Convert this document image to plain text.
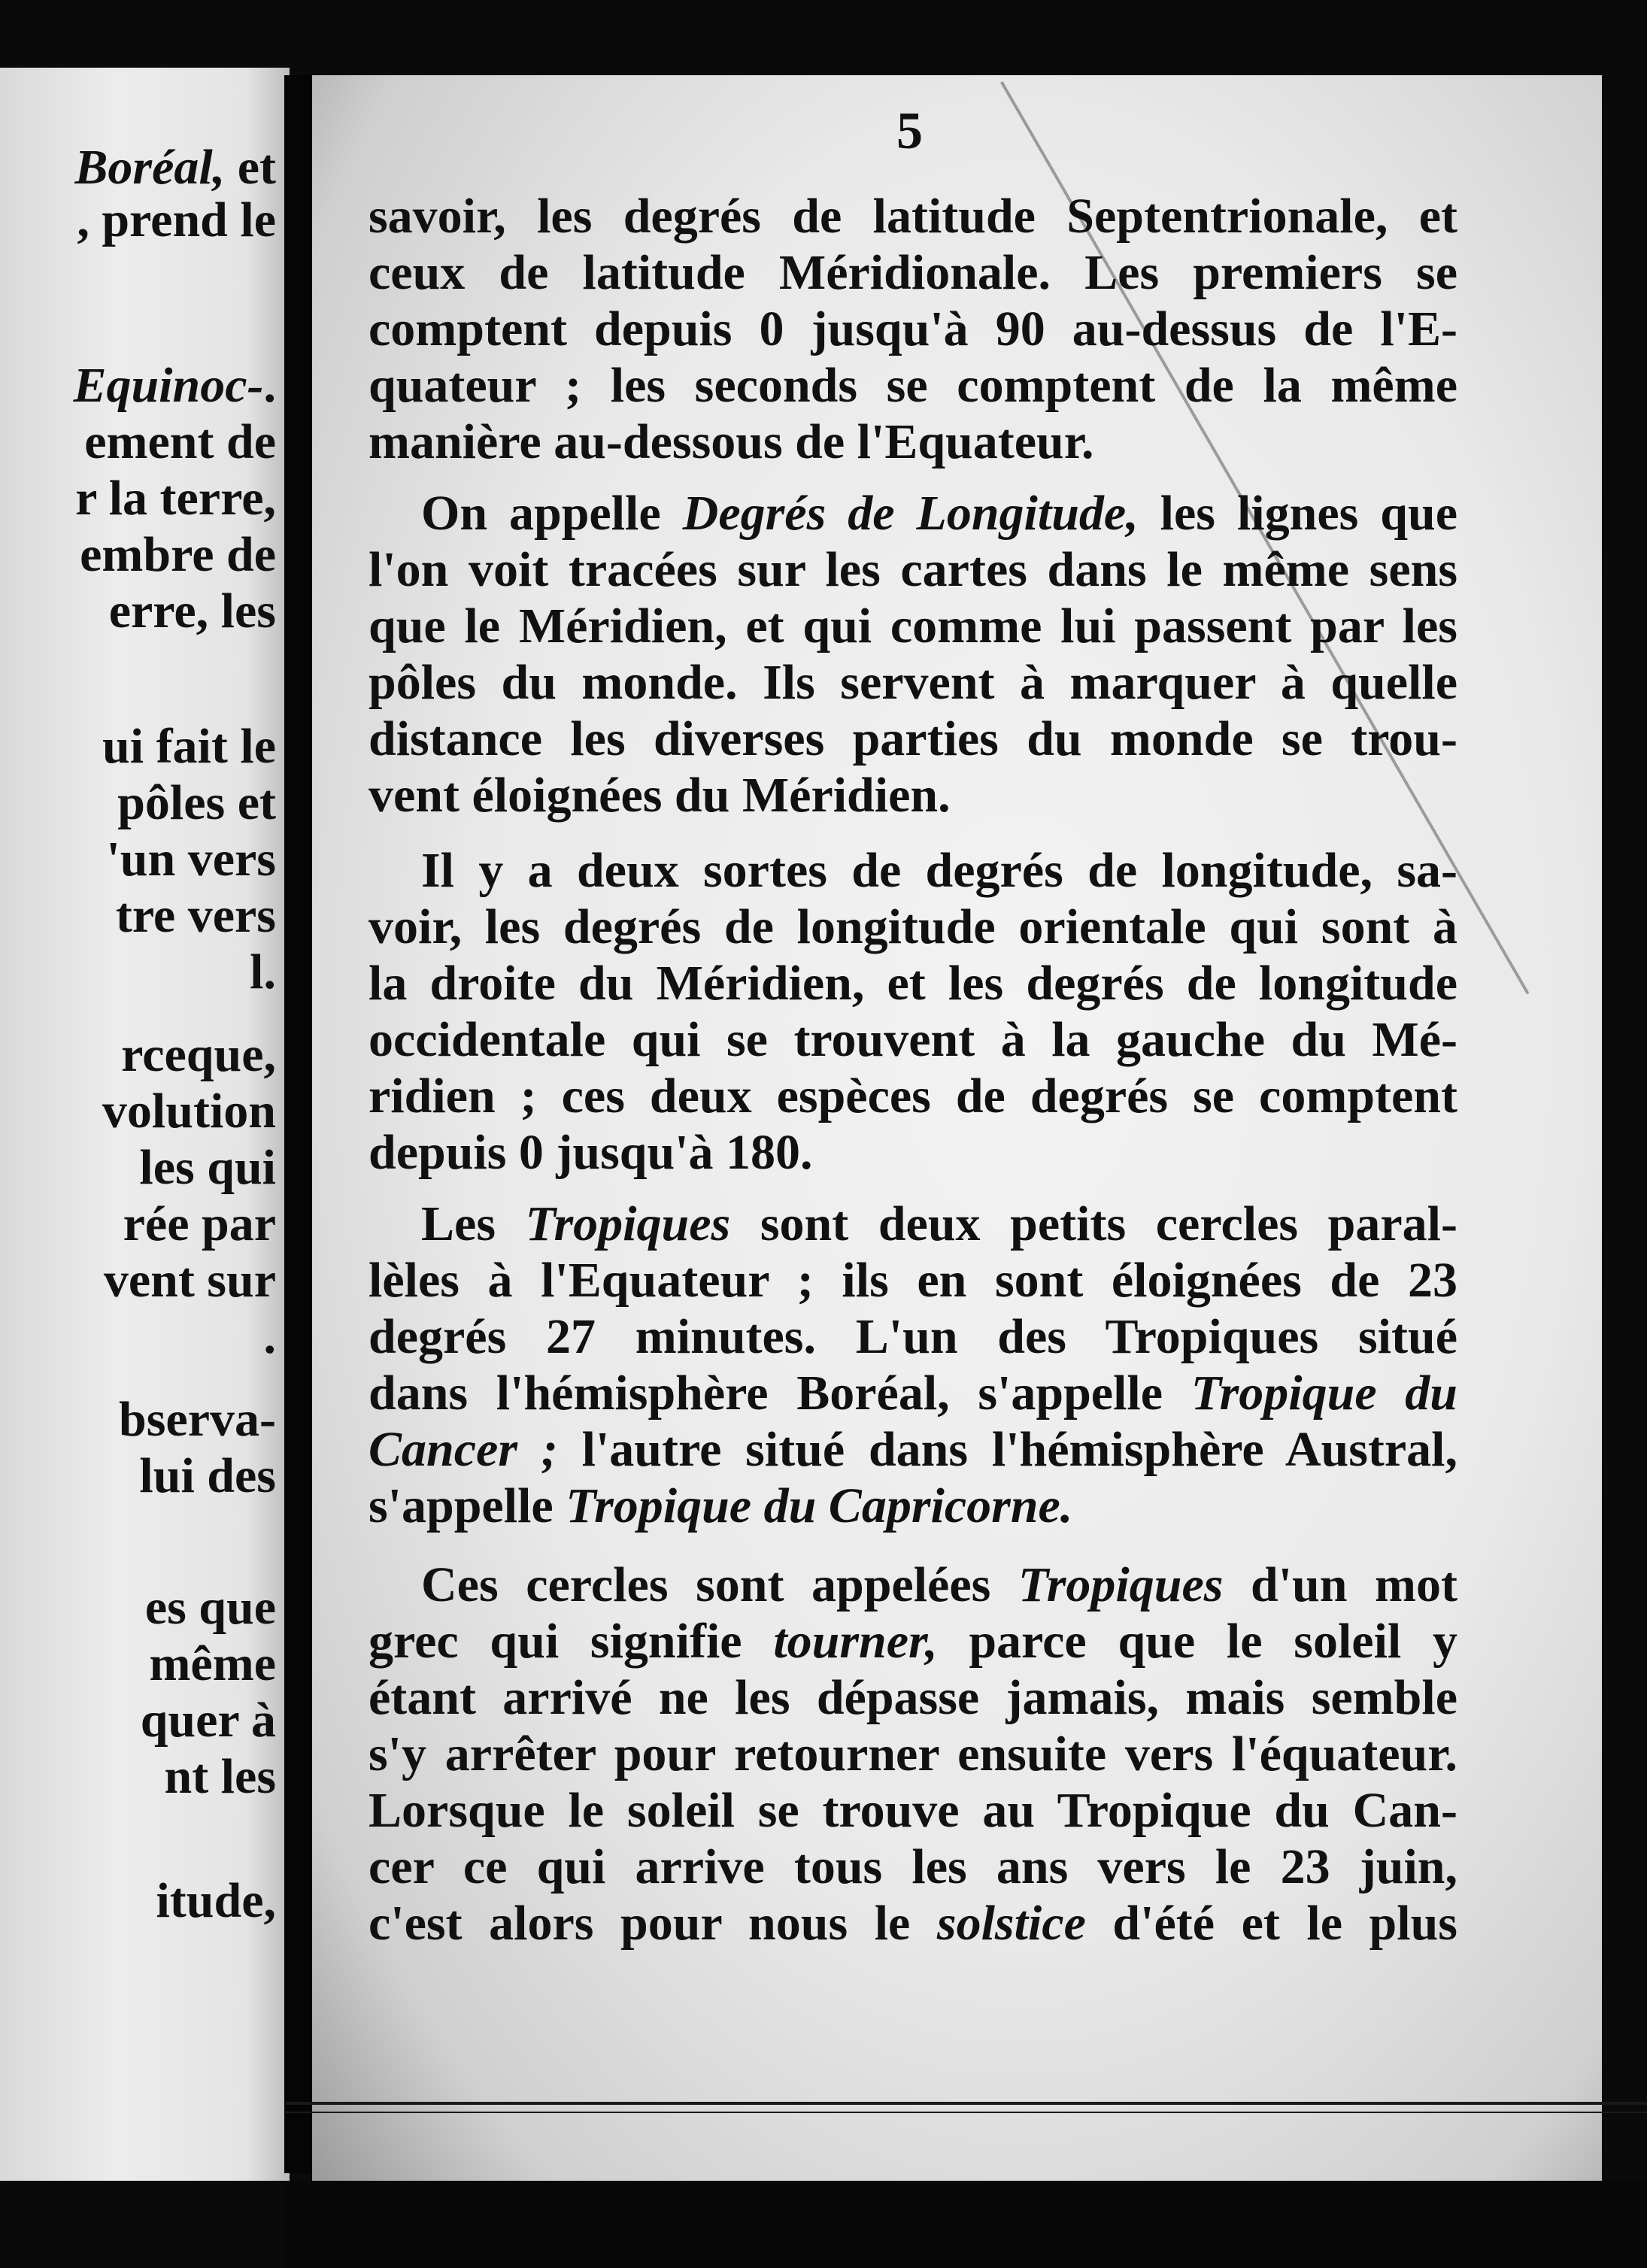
Boréal, et
, prend le
Equinoc-.
ement de
r la terre,
embre de
erre, les
ui fait le
pôles et
'un vers
tre vers
l.
rceque,
volution
les qui
rée par
vent sur
.
bserva-
lui des
es que
même
quer à
nt les
itude,
5
savoir, les degrés de latitude Septentrionale, et
ceux de latitude Méridionale. Les premiers se
comptent depuis 0 jusqu'à 90 au-dessus de l'E-
quateur ; les seconds se comptent de la même
manière au-dessous de l'Equateur.
On appelle Degrés de Longitude, les lignes que
l'on voit tracées sur les cartes dans le même sens
que le Méridien, et qui comme lui passent par les
pôles du monde. Ils servent à marquer à quelle
distance les diverses parties du monde se trou-
vent éloignées du Méridien.
Il y a deux sortes de degrés de longitude, sa-
voir, les degrés de longitude orientale qui sont à
la droite du Méridien, et les degrés de longitude
occidentale qui se trouvent à la gauche du Mé-
ridien ; ces deux espèces de degrés se comptent
depuis 0 jusqu'à 180.
Les Tropiques sont deux petits cercles paral-
lèles à l'Equateur ; ils en sont éloignées de 23
degrés 27 minutes. L'un des Tropiques situé
dans l'hémisphère Boréal, s'appelle Tropique du
Cancer ; l'autre situé dans l'hémisphère Austral,
s'appelle Tropique du Capricorne.
Ces cercles sont appelées Tropiques d'un mot
grec qui signifie tourner, parce que le soleil y
étant arrivé ne les dépasse jamais, mais semble
s'y arrêter pour retourner ensuite vers l'équateur.
Lorsque le soleil se trouve au Tropique du Can-
cer ce qui arrive tous les ans vers le 23 juin,
c'est alors pour nous le solstice d'été et le plus
